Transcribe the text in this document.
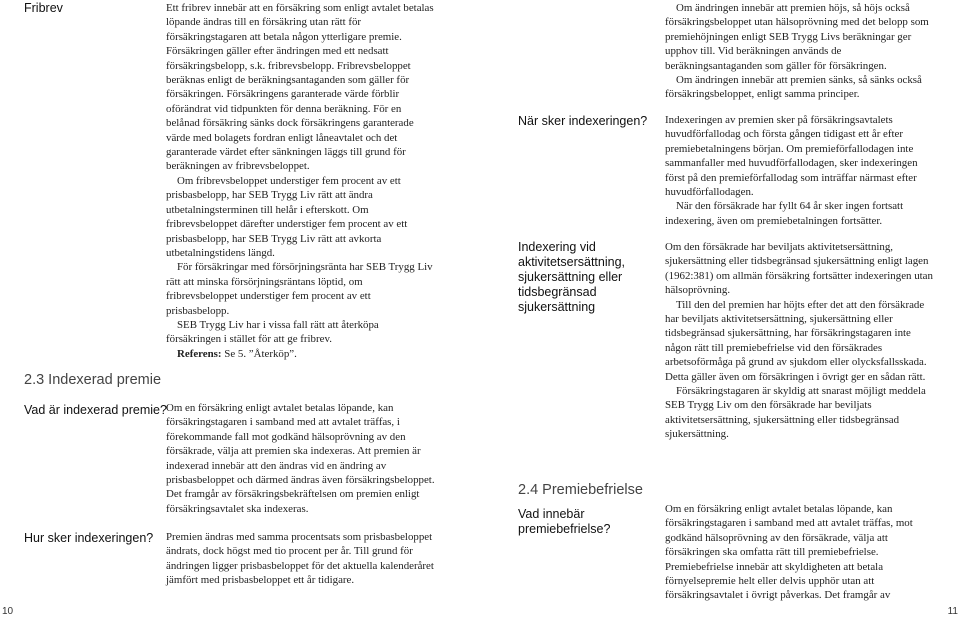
Fribrev	Ett fribrev innebär att en försäkring som enligt avtalet betalas löpande ändras till en försäkring utan rätt för försäkringstagaren att betala någon ytterligare premie. Försäkringen gäller efter ändringen med ett nedsatt försäkringsbelopp, s.k. fribrevsbelopp. Fribrevsbeloppet beräknas enligt de beräkningsantaganden som gäller för försäkringen. Försäkringens garanterade värde förblir oförändrat vid tidpunkten för denna beräkning. För en belånad försäkring sänks dock försäkringens garanterade värde med bolagets fordran enligt låneavtalet och det garanterade värdet efter sänkningen läggs till grund för beräkningen av fribrevsbeloppet.

Om fribrevsbeloppet understiger fem procent av ett prisbasbelopp, har SEB Trygg Liv rätt att ändra utbetalningsterminen till helår i efterskott. Om fribrevsbeloppet därefter understiger fem procent av ett prisbasbelopp, har SEB Trygg Liv rätt att avkorta utbetalningstidens längd.

För försäkringar med försörjningsränta har SEB Trygg Liv rätt att minska försörjningsräntans löptid, om fribrevsbeloppet understiger fem procent av ett prisbasbelopp.

SEB Trygg Liv har i vissa fall rätt att återköpa försäkringen i stället för att ge fribrev.

Referens: Se 5. ”Återköp”.

2.3 Indexerad premie
Vad är indexerad premie? Om en försäkring enligt avtalet betalas löpande, kan försäkringstagaren i samband med att avtalet träffas, i förekommande fall mot godkänd hälsoprövning av den försäkrade, välja att premien ska indexeras. Att premien är indexerad innebär att den ändras vid en ändring av prisbasbeloppet och därmed ändras även försäkringsbeloppet. Det framgår av försäkringsbekräftelsen om premien enligt försäkringsavtalet ska indexeras.

Hur sker indexeringen? Premien ändras med samma procentsats som prisbasbeloppet ändrats, dock högst med tio procent per år. Till grund för ändringen ligger prisbasbeloppet för det aktuella kalenderåret jämfört med prisbasbeloppet ett år tidigare.

10

Om ändringen innebär att premien höjs, så höjs också försäkringsbeloppet utan hälsoprövning med det belopp som premiehöjningen enligt SEB Trygg Livs beräkningar ger upphov till. Vid beräkningen används de beräkningsantaganden som gäller för försäkringen.

Om ändringen innebär att premien sänks, så sänks också försäkringsbeloppet, enligt samma principer.

När sker indexeringen? Indexeringen av premien sker på försäkringsavtalets huvudförfallodag och första gången tidigast ett år efter premiebetalningens början. Om premieförfallodagen inte sammanfaller med huvudförfallodagen, sker indexeringen först på den premieförfallodag som inträffar närmast efter huvudförfallodagen.

När den försäkrade har fyllt 64 år sker ingen fortsatt indexering, även om premiebetalningen fortsätter.

Indexering vid aktivitetsersättning, sjukersättning eller tidsbegränsad sjukersättning

Om den försäkrade har beviljats aktivitetsersättning, sjukersättning eller tidsbegränsad sjukersättning enligt lagen (1962:381) om allmän försäkring fortsätter indexeringen utan hälsoprövning.

Till den del premien har höjts efter det att den försäkrade har beviljats aktivitetsersättning, sjukersättning eller tidsbegränsad sjukersättning, har försäkringstagaren inte någon rätt till premiebefrielse vid den försäkrades arbetsoförmåga på grund av sjukdom eller olycksfallsskada. Detta gäller även om försäkringen i övrigt ger en sådan rätt.

Försäkringstagaren är skyldig att snarast möjligt meddela SEB Trygg Liv om den försäkrade har beviljats aktivitetsersättning, sjukersättning eller tidsbegränsad sjukersättning.

2.4 Premiebefrielse
Vad innebär premiebefrielse?

Om en försäkring enligt avtalet betalas löpande, kan försäkringstagaren i samband med att avtalet träffas, mot godkänd hälsoprövning av den försäkrade, välja att försäkringen ska omfatta rätt till premiebefrielse. Premiebefrielse innebär att skyldigheten att betala förnyelsepremie helt eller delvis upphör utan att försäkringsavtalet i övrigt påverkas. Det framgår av

11
